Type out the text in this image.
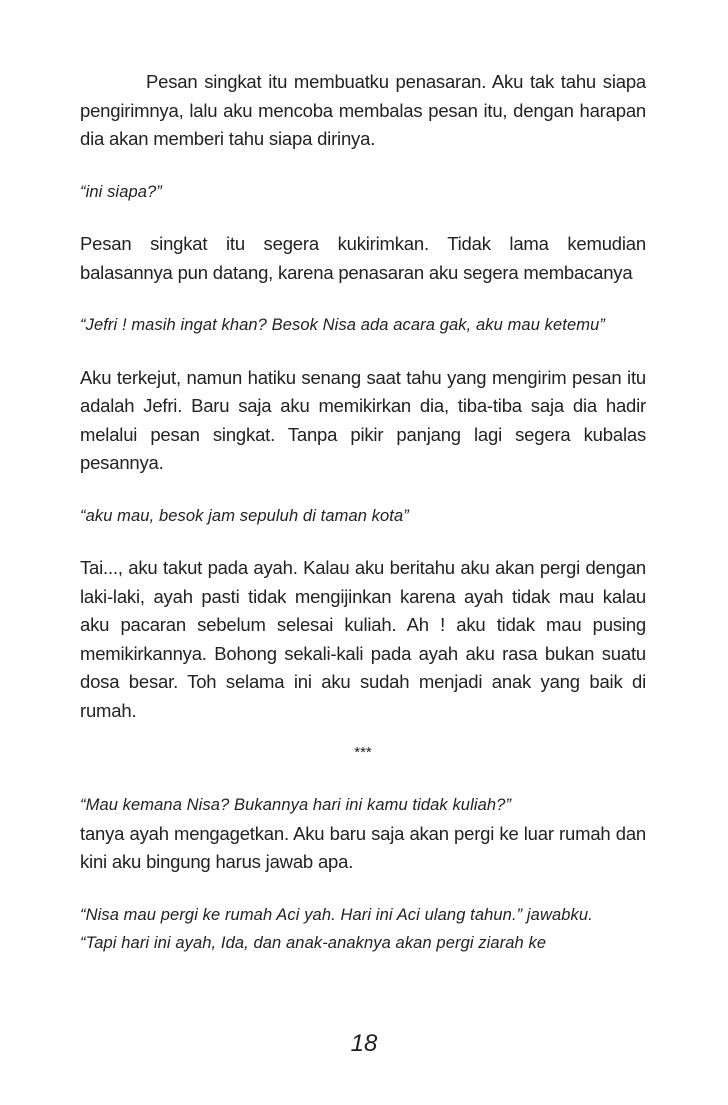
Pesan singkat itu membuatku penasaran. Aku tak tahu siapa pengirimnya, lalu aku mencoba membalas pesan itu, dengan harapan dia akan memberi tahu siapa dirinya.

“ini siapa?”

Pesan singkat itu segera kukirimkan. Tidak lama kemudian balasannya pun datang, karena penasaran aku segera membacanya

“Jefri ! masih ingat khan? Besok Nisa ada acara gak, aku mau ketemu”

Aku terkejut, namun hatiku senang saat tahu yang mengirim pesan itu adalah Jefri. Baru saja aku memikirkan dia, tiba-tiba saja dia hadir melalui pesan singkat. Tanpa pikir panjang lagi segera kubalas pesannya.

“aku mau, besok jam sepuluh di taman kota”

Tai..., aku takut pada ayah. Kalau aku beritahu aku akan pergi dengan laki-laki, ayah pasti tidak mengijinkan karena ayah tidak mau kalau aku pacaran sebelum selesai kuliah. Ah ! aku tidak mau pusing memikirkannya. Bohong sekali-kali pada ayah aku rasa bukan suatu dosa besar. Toh selama ini aku sudah menjadi anak yang baik di rumah.

***

“Mau kemana Nisa? Bukannya hari ini kamu tidak kuliah?”

tanya ayah mengagetkan. Aku baru saja akan pergi ke luar rumah dan kini aku bingung harus jawab apa.

“Nisa mau pergi ke rumah Aci yah. Hari ini Aci ulang tahun.” jawabku.

“Tapi hari ini ayah, Ida, dan anak-anaknya akan pergi ziarah ke

18
